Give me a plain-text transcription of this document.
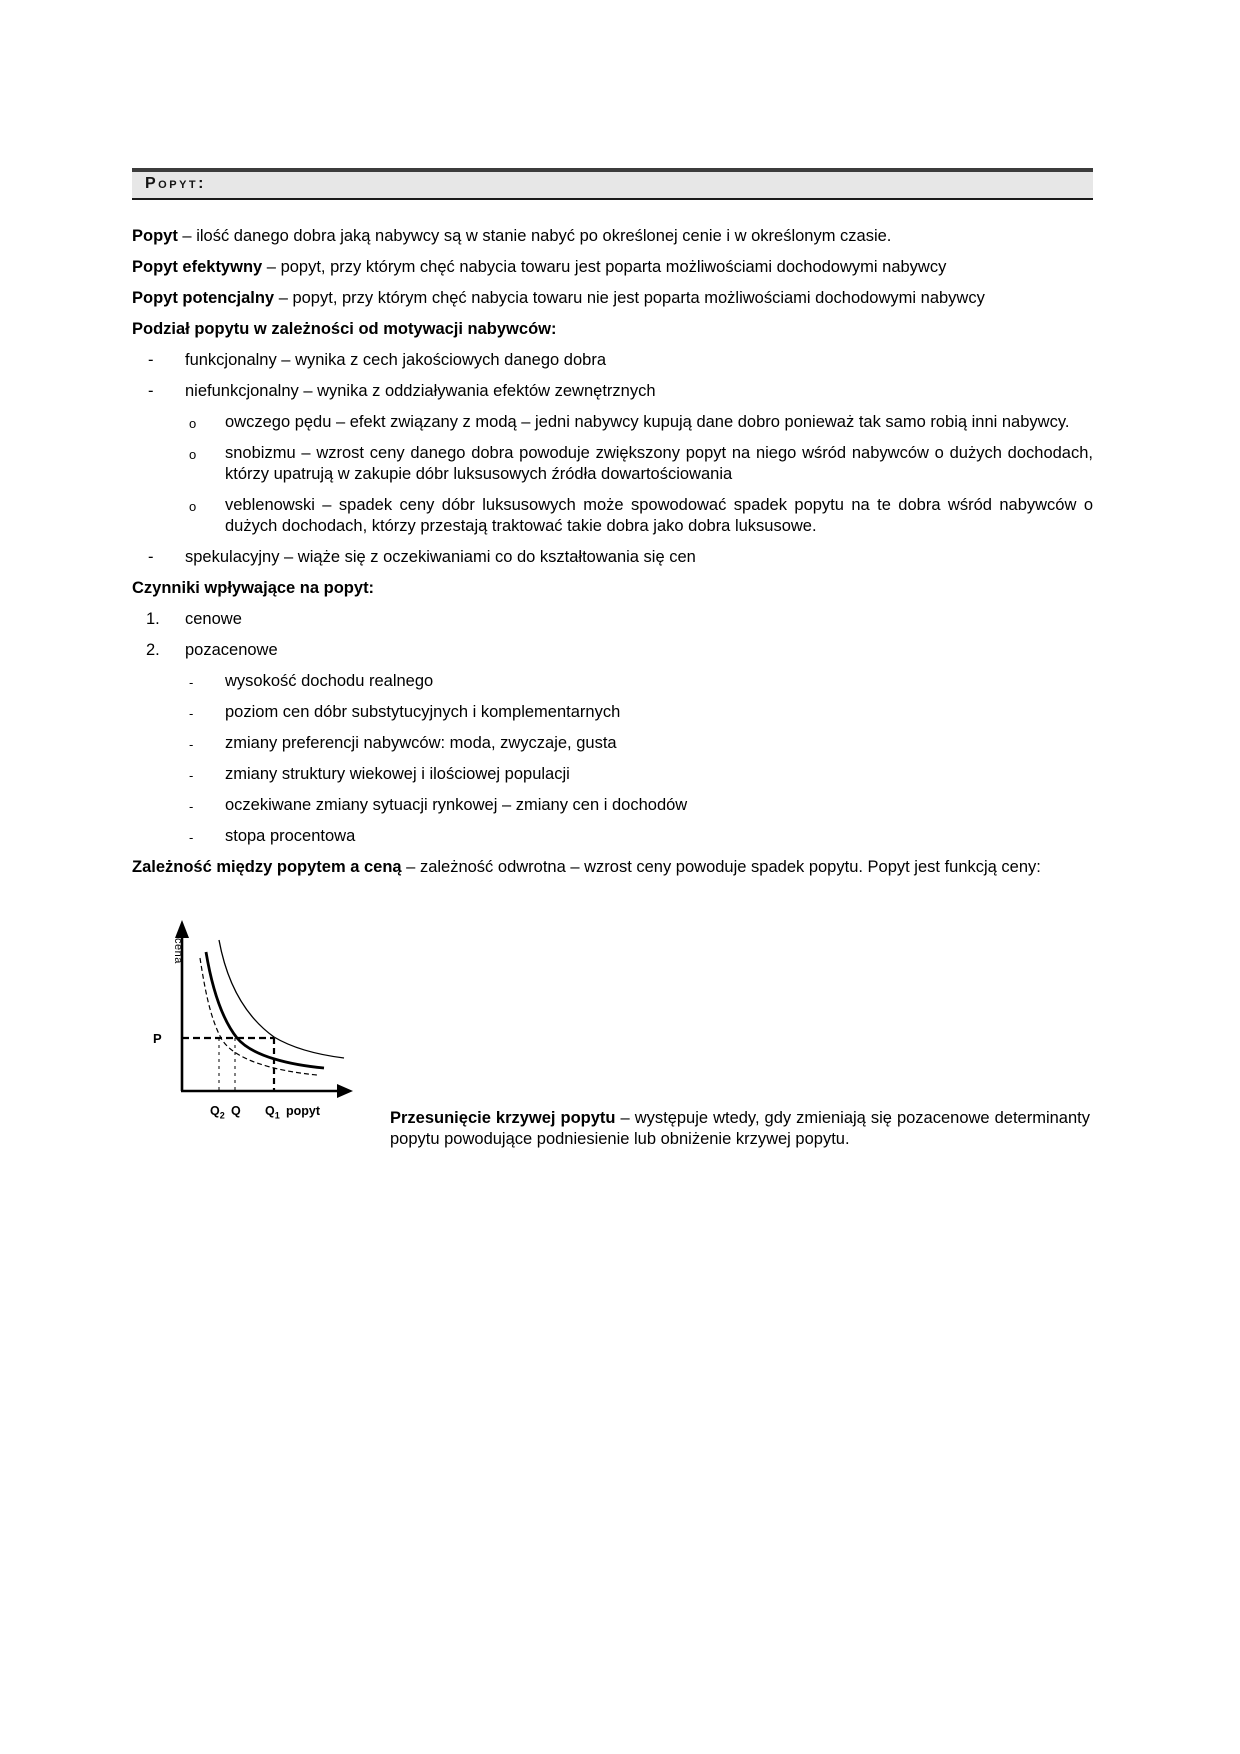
Popyt:

Popyt – ilość danego dobra jaką nabywcy są w stanie nabyć po określonej cenie i w określonym czasie.

Popyt efektywny – popyt, przy którym chęć nabycia towaru jest poparta możliwościami dochodowymi nabywcy

Popyt potencjalny – popyt, przy którym chęć nabycia towaru nie jest poparta możliwościami dochodowymi nabywcy

Podział popytu w zależności od motywacji nabywców:

- funkcjonalny – wynika z cech jakościowych danego dobra
- niefunkcjonalny – wynika z oddziaływania efektów zewnętrznych
o owczego pędu – efekt związany z modą – jedni nabywcy kupują dane dobro ponieważ tak samo robią inni nabywcy.
o snobizmu – wzrost ceny danego dobra powoduje zwiększony popyt na niego wśród nabywców o dużych dochodach, którzy upatrują w zakupie dóbr luksusowych źródła dowartościowania
o veblenowski – spadek ceny dóbr luksusowych może spowodować spadek popytu na te dobra wśród nabywców o dużych dochodach, którzy przestają traktować takie dobra jako dobra luksusowe.
- spekulacyjny – wiąże się z oczekiwaniami co do kształtowania się cen

Czynniki wpływające na popyt:

1. cenowe
2. pozacenowe
- wysokość dochodu realnego
- poziom cen dóbr substytucyjnych i komplementarnych
- zmiany preferencji nabywców: moda, zwyczaje, gusta
- zmiany struktury wiekowej i ilościowej populacji
- oczekiwane zmiany sytuacji rynkowej – zmiany cen i dochodów
- stopa procentowa

Zależność między popytem a ceną – zależność odwrotna – wzrost ceny powoduje spadek popytu. Popyt jest funkcją ceny:

cena
P
$Q_2$ Q $Q_1$ popyt	Przesunięcie krzywej popytu – występuje wtedy, gdy zmieniają się pozacenowe determinanty popytu powodujące podniesienie lub obniżenie krzywej popytu.
